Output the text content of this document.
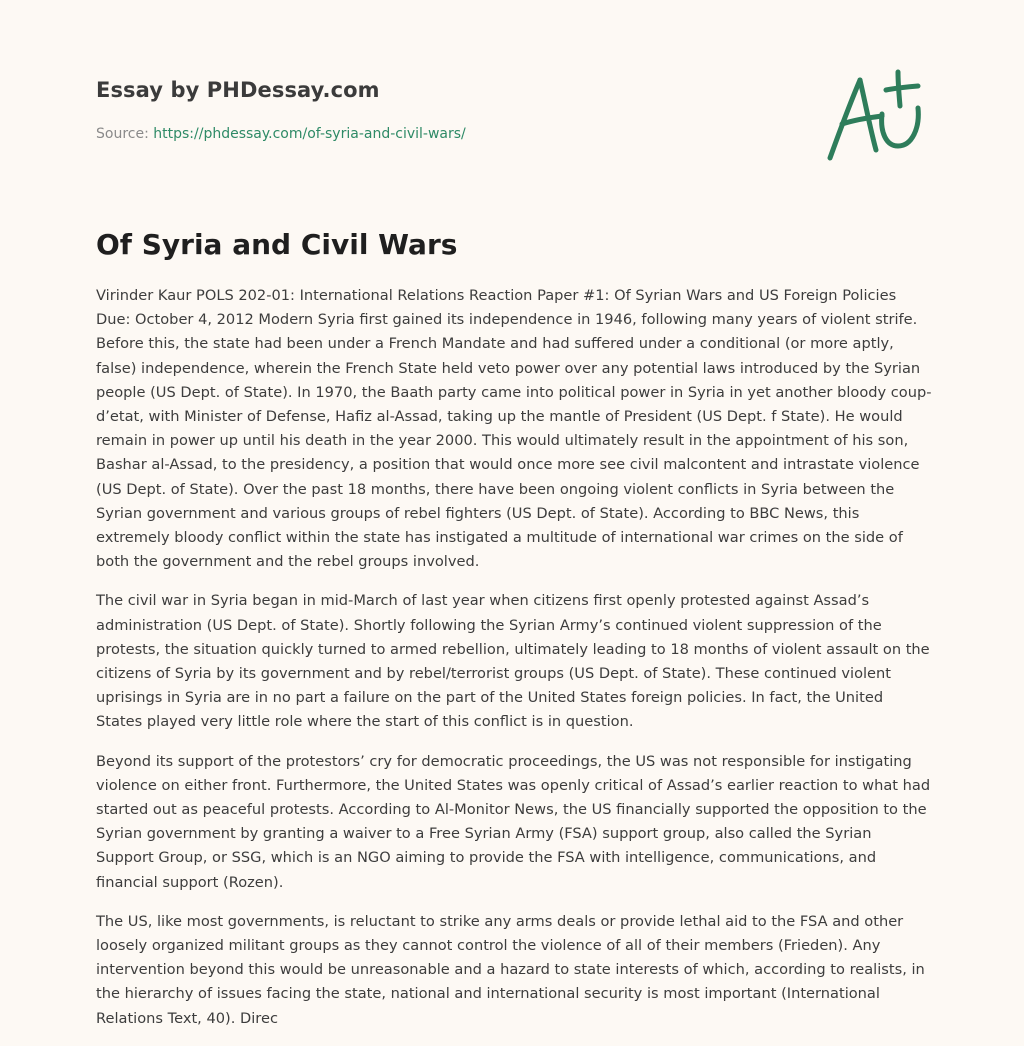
Essay by PHDessay.com
Source: https://phdessay.com/of-syria-and-civil-wars/
Of Syria and Civil Wars

Virinder Kaur POLS 202-01: International Relations Reaction Paper #1: Of Syrian Wars and US Foreign Policies Due: October 4, 2012 Modern Syria first gained its independence in 1946, following many years of violent strife. Before this, the state had been under a French Mandate and had suffered under a conditional (or more aptly, false) independence, wherein the French State held veto power over any potential laws introduced by the Syrian people (US Dept. of State). In 1970, the Baath party came into political power in Syria in yet another bloody coup-d’etat, with Minister of Defense, Hafiz al-Assad, taking up the mantle of President (US Dept. f State). He would remain in power up until his death in the year 2000. This would ultimately result in the appointment of his son, Bashar al-Assad, to the presidency, a position that would once more see civil malcontent and intrastate violence (US Dept. of State). Over the past 18 months, there have been ongoing violent conflicts in Syria between the Syrian government and various groups of rebel fighters (US Dept. of State). According to BBC News, this extremely bloody conflict within the state has instigated a multitude of international war crimes on the side of both the government and the rebel groups involved.

The civil war in Syria began in mid-March of last year when citizens first openly protested against Assad’s administration (US Dept. of State). Shortly following the Syrian Army’s continued violent suppression of the protests, the situation quickly turned to armed rebellion, ultimately leading to 18 months of violent assault on the citizens of Syria by its government and by rebel/terrorist groups (US Dept. of State). These continued violent uprisings in Syria are in no part a failure on the part of the United States foreign policies. In fact, the United States played very little role where the start of this conflict is in question.

Beyond its support of the protestors’ cry for democratic proceedings, the US was not responsible for instigating violence on either front. Furthermore, the United States was openly critical of Assad’s earlier reaction to what had started out as peaceful protests. According to Al-Monitor News, the US financially supported the opposition to the Syrian government by granting a waiver to a Free Syrian Army (FSA) support group, also called the Syrian Support Group, or SSG, which is an NGO aiming to provide the FSA with intelligence, communications, and financial support (Rozen).

The US, like most governments, is reluctant to strike any arms deals or provide lethal aid to the FSA and other loosely organized militant groups as they cannot control the violence of all of their members (Frieden). Any intervention beyond this would be unreasonable and a hazard to state interests of which, according to realists, in the hierarchy of issues facing the state, national and international security is most important (International Relations Text, 40). Direc
